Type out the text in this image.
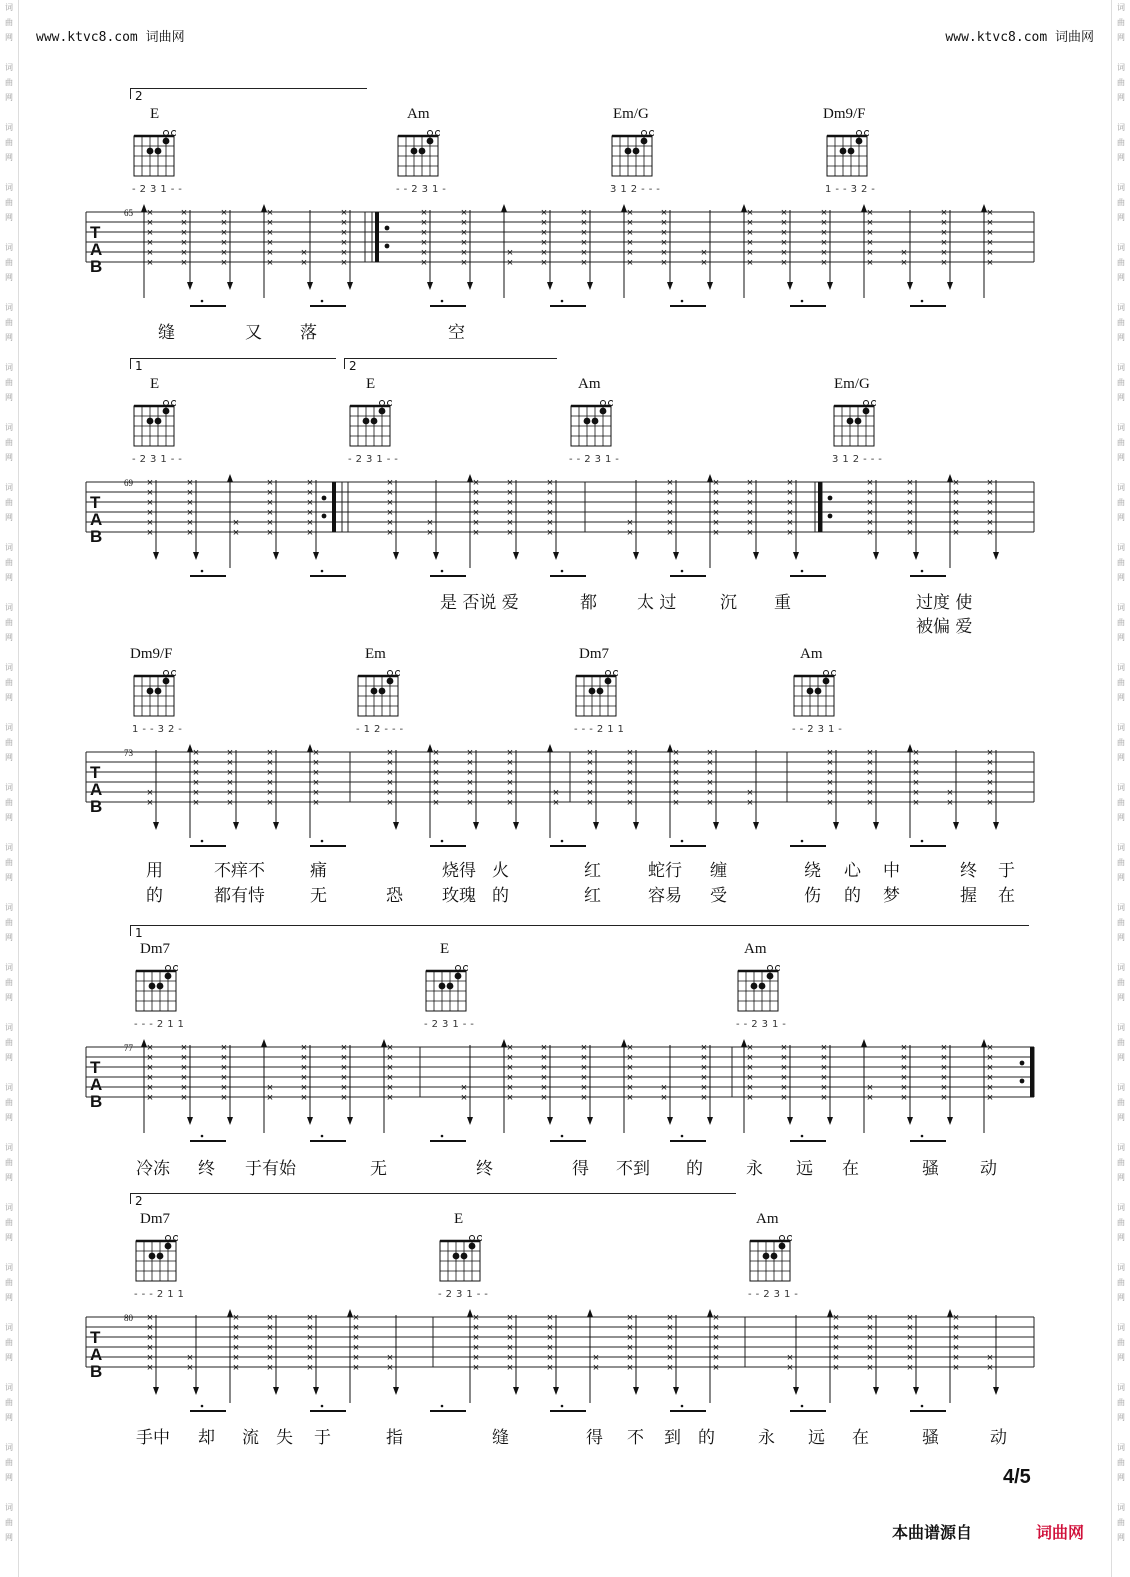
www.ktvc8.com 词曲网	www.ktvc8.com 词曲网
词
曲
网

词
曲
网

词
曲
网

词
曲
网

词
曲
网

词
曲
网

词
曲
网

词
曲
网

词
曲
网

词
曲
网

词
曲
网

词
曲
网

词
曲
网

词
曲
网

词
曲
网

词
曲
网

词
曲
网

词
曲
网

词
曲
网

词
曲
网

词
曲
网

词
曲
网

词
曲
网

词
曲
网

词
曲
网

词
曲
网

词
曲
网

词
曲
网

词
曲
网

词
曲
网

词
曲
网

词
曲
网

词
曲
网

词
曲
网

词
曲
网

词
曲
网

词
曲
网

词
曲
网

词
曲
网

词
曲
网

词
曲
网

词
曲
网

词
曲
网

词
曲
网

词
曲
网

词
曲
网

词
曲
网

词
曲
网

词
曲
网

词
曲
网

词
曲
网

词
曲
网

2
E	Am	Em/G	Dm9/F
-231--	--231-	312---	1--32-
65
T
A
B
×
×
×
×
×
×
×
×
×
×
×
×
×
×
×
×
×
×
×
×
×
×
×
×
×
×
×
×
×
×
×
×
×
×
×
×
×
×
×
×
×
×
×
×
×
×
×
×
×
×
×
×
×
×
×
×
×
×
×
×
×
×
×
×
×
×
×
×
×
×
×
×
×
×
×
×
×
×
×
×
×
×
×
×
×
×
×
×
×
×
×
×
×
×
×
×
×
×
×
×
×
×
×
×
×
×
×
×
×
×
缝	又 落	空
1	2
E	E	Am	Em/G
-231--	-231--	--231-	312---
69
T
A
B
×
×
×
×
×
×
×
×
×
×
×
×
×
×
×
×
×
×
×
×
×
×
×
×
×
×
×
×
×
×
×
×
×
×
×
×
×
×
×
×
×
×
×
×
×
×
×
×
×
×
×
×
×
×
×
×
×
×
×
×
×
×
×
×
×
×
×
×
×
×
×
×
×
×
×
×
×
×
×
×
×
×
×
×
×
×
×
×
×
×
×
×
×
×
×
×
×
×
×
×
×
×
是 否说 爱	都 太 过	沉 重	过度 使
被偏 爱
Dm9/F	Em	Dm7	Am
1--32-	-12---	---211	--231-
73
T
A
B
×
×
×
×
×
×
×
×
×
×
×
×
×
×
×
×
×
×
×
×
×
×
×
×
×
×
×
×
×
×
×
×
×
×
×
×
×
×
×
×
×
×
×
×
×
×
×
×
×
×
×
×
×
×
×
×
×
×
×
×
×
×
×
×
×
×
×
×
×
×
×
×
×
×
×
×
×
×
×
×
×
×
×
×
×
×
×
×
×
×
×
×
×
×
×
×
×
×
×
×
×
×
×
×
用	不痒不	痛	烧得 火	红	蛇行 缠	绕 心 中	终 于
的	都有恃	无	恐 玫瑰 的	红	容易 受	伤 的 梦	握 在
1
Dm7	E	Am
---211	-231--	--231-
77
T
A
B
×
×
×
×
×
×
×
×
×
×
×
×
×
×
×
×
×
×
×
×
×
×
×
×
×
×
×
×
×
×
×
×
×
×
×
×
×
×
×
×
×
×
×
×
×
×
×
×
×
×
×
×
×
×
×
×
×
×
×
×
×
×
×
×
×
×
×
×
×
×
×
×
×
×
×
×
×
×
×
×
×
×
×
×
×
×
×
×
×
×
×
×
×
×
×
×
×
×
×
×
×
×
×
×
×
×
×
×
×
×
冷冻 终 于有始	无	终	得 不到 的	永 远 在	骚 动
2
Dm7	E	Am
---211	-231--	--231-
80
T
A
B
×
×
×
×
×
×
×
×
×
×
×
×
×
×
×
×
×
×
×
×
×
×
×
×
×
×
×
×
×
×
×
×
×
×
×
×
×
×
×
×
×
×
×
×
×
×
×
×
×
×
×
×
×
×
×
×
×
×
×
×
×
×
×
×
×
×
×
×
×
×
×
×
×
×
×
×
×
×
×
×
×
×
×
×
×
×
×
×
×
×
×
×
×
×
×
×
×
×
×
×
手中 却 流 失 于	指	缝	得 不 到 的	永 远 在	骚	动
4/5
本曲谱源自	词曲网
